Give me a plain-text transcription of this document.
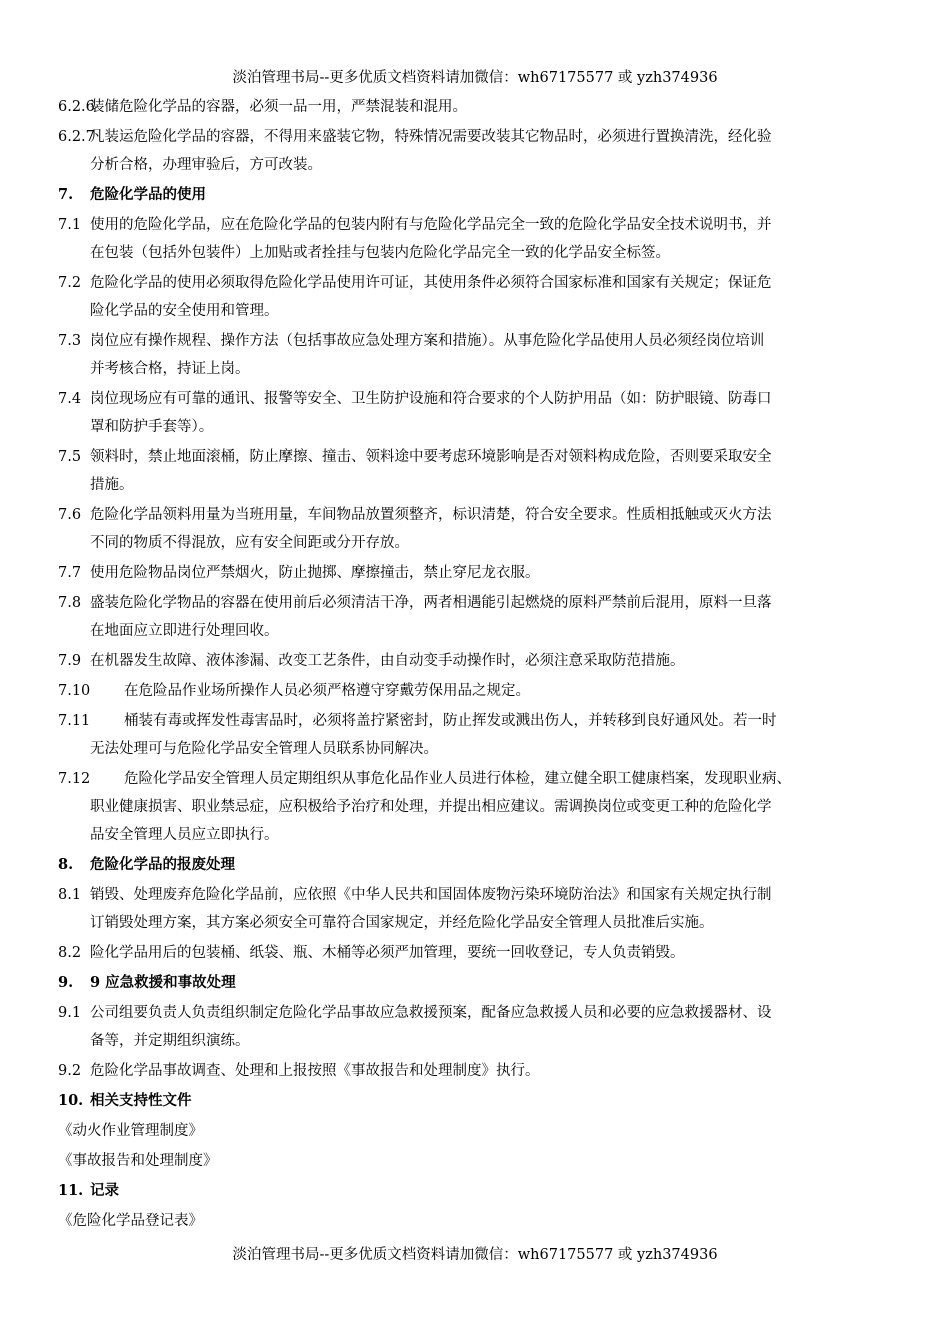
淡泊管理书局--更多优质文档资料请加微信：wh67175577 或 yzh374936
6.2.6装储危险化学品的容器，必须一品一用，严禁混装和混用。
6.2.7凡装运危险化学品的容器，不得用来盛装它物，特殊情况需要改装其它物品时，必须进行置换清洗，经化验
分析合格，办理审验后，方可改装。
7. 危险化学品的使用
7.1 使用的危险化学品，应在危险化学品的包装内附有与危险化学品完全一致的危险化学品安全技术说明书，并
在包装（包括外包装件）上加贴或者拴挂与包装内危险化学品完全一致的化学品安全标签。
7.2 危险化学品的使用必须取得危险化学品使用许可证，其使用条件必须符合国家标准和国家有关规定；保证危
险化学品的安全使用和管理。
7.3 岗位应有操作规程、操作方法（包括事故应急处理方案和措施）。从事危险化学品使用人员必须经岗位培训
并考核合格，持证上岗。
7.4 岗位现场应有可靠的通讯、报警等安全、卫生防护设施和符合要求的个人防护用品（如：防护眼镜、防毒口
罩和防护手套等）。
7.5 领料时，禁止地面滚桶，防止摩擦、撞击、领料途中要考虑环境影响是否对领料构成危险，否则要采取安全
措施。
7.6 危险化学品领料用量为当班用量，车间物品放置须整齐，标识清楚，符合安全要求。性质相抵触或灭火方法
不同的物质不得混放，应有安全间距或分开存放。
7.7 使用危险物品岗位严禁烟火，防止抛掷、摩擦撞击，禁止穿尼龙衣服。
7.8 盛装危险化学物品的容器在使用前后必须清洁干净，两者相遇能引起燃烧的原料严禁前后混用，原料一旦落
在地面应立即进行处理回收。
7.9 在机器发生故障、液体渗漏、改变工艺条件，由自动变手动操作时，必须注意采取防范措施。
7.10 在危险品作业场所操作人员必须严格遵守穿戴劳保用品之规定。
7.11 桶装有毒或挥发性毒害品时，必须将盖拧紧密封，防止挥发或溅出伤人，并转移到良好通风处。若一时
无法处理可与危险化学品安全管理人员联系协同解决。
7.12 危险化学品安全管理人员定期组织从事危化品作业人员进行体检，建立健全职工健康档案，发现职业病、
职业健康损害、职业禁忌症，应积极给予治疗和处理，并提出相应建议。需调换岗位或变更工种的危险化学
品安全管理人员应立即执行。
8. 危险化学品的报废处理
8.1 销毁、处理废弃危险化学品前，应依照《中华人民共和国固体废物污染环境防治法》和国家有关规定执行制
订销毁处理方案，其方案必须安全可靠符合国家规定，并经危险化学品安全管理人员批准后实施。
8.2 险化学品用后的包装桶、纸袋、瓶、木桶等必须严加管理，要统一回收登记，专人负责销毁。
9. 9 应急救援和事故处理
9.1 公司组要负责人负责组织制定危险化学品事故应急救援预案，配备应急救援人员和必要的应急救援器材、设
备等，并定期组织演练。
9.2 危险化学品事故调查、处理和上报按照《事故报告和处理制度》执行。
10. 相关支持性文件
《动火作业管理制度》
《事故报告和处理制度》
11. 记录
《危险化学品登记表》
淡泊管理书局--更多优质文档资料请加微信：wh67175577 或 yzh374936
